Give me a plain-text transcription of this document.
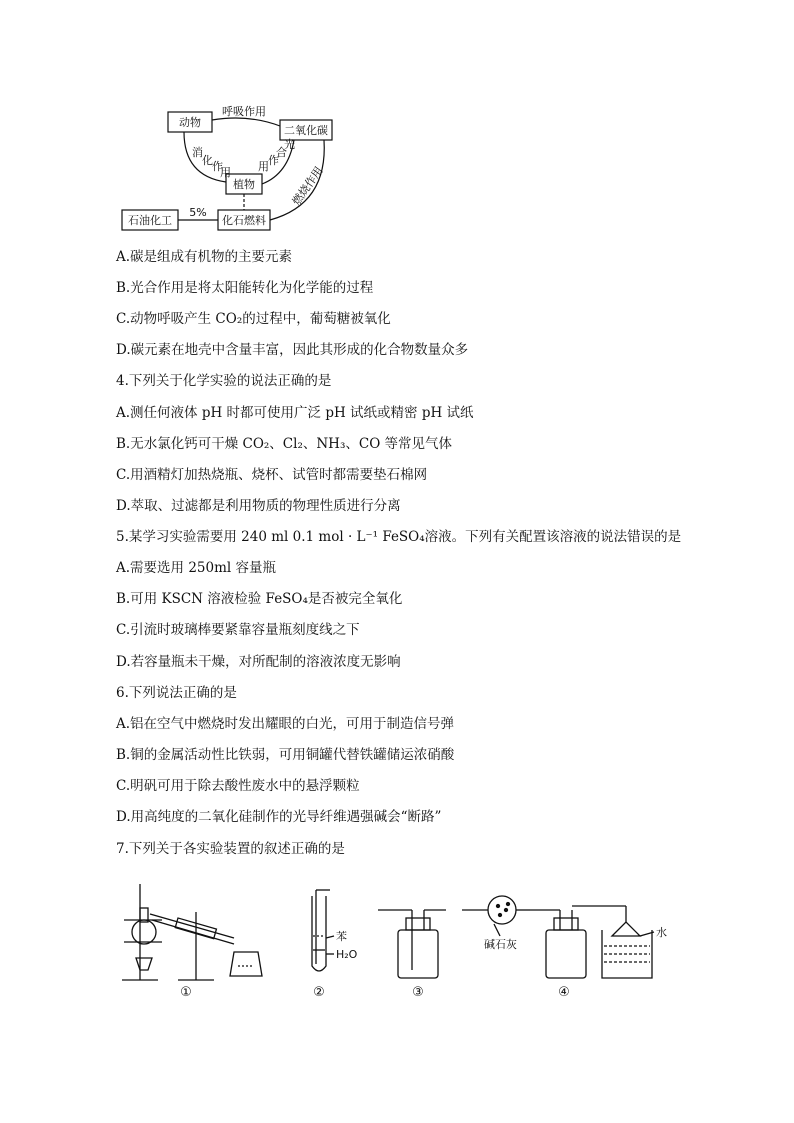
动物
二氧化碳
植物
化石燃料
石油化工
呼吸作用
消
化 作
用 用 作
合
光
燃烧作用
5%
A.碳是组成有机物的主要元素
B.光合作用是将太阳能转化为化学能的过程
C.动物呼吸产生 CO₂的过程中，葡萄糖被氧化
D.碳元素在地壳中含量丰富，因此其形成的化合物数量众多
4.下列关于化学实验的说法正确的是
A.测任何液体 pH 时都可使用广泛 pH 试纸或精密 pH 试纸
B.无水氯化钙可干燥 CO₂、Cl₂、NH₃、CO 等常见气体
C.用酒精灯加热烧瓶、烧杯、试管时都需要垫石棉网
D.萃取、过滤都是利用物质的物理性质进行分离
5.某学习实验需要用 240 ml 0.1 mol · L⁻¹ FeSO₄溶液。下列有关配置该溶液的说法错误的是
A.需要选用 250ml 容量瓶
B.可用 KSCN 溶液检验 FeSO₄是否被完全氧化
C.引流时玻璃棒要紧靠容量瓶刻度线之下
D.若容量瓶未干燥，对所配制的溶液浓度无影响
6.下列说法正确的是
A.铝在空气中燃烧时发出耀眼的白光，可用于制造信号弹
B.铜的金属活动性比铁弱，可用铜罐代替铁罐储运浓硝酸
C.明矾可用于除去酸性废水中的悬浮颗粒
D.用高纯度的二氧化硅制作的光导纤维遇强碱会“断路”
7.下列关于各实验装置的叙述正确的是
①
苯
H₂O
②	③
碱石灰
水
④
